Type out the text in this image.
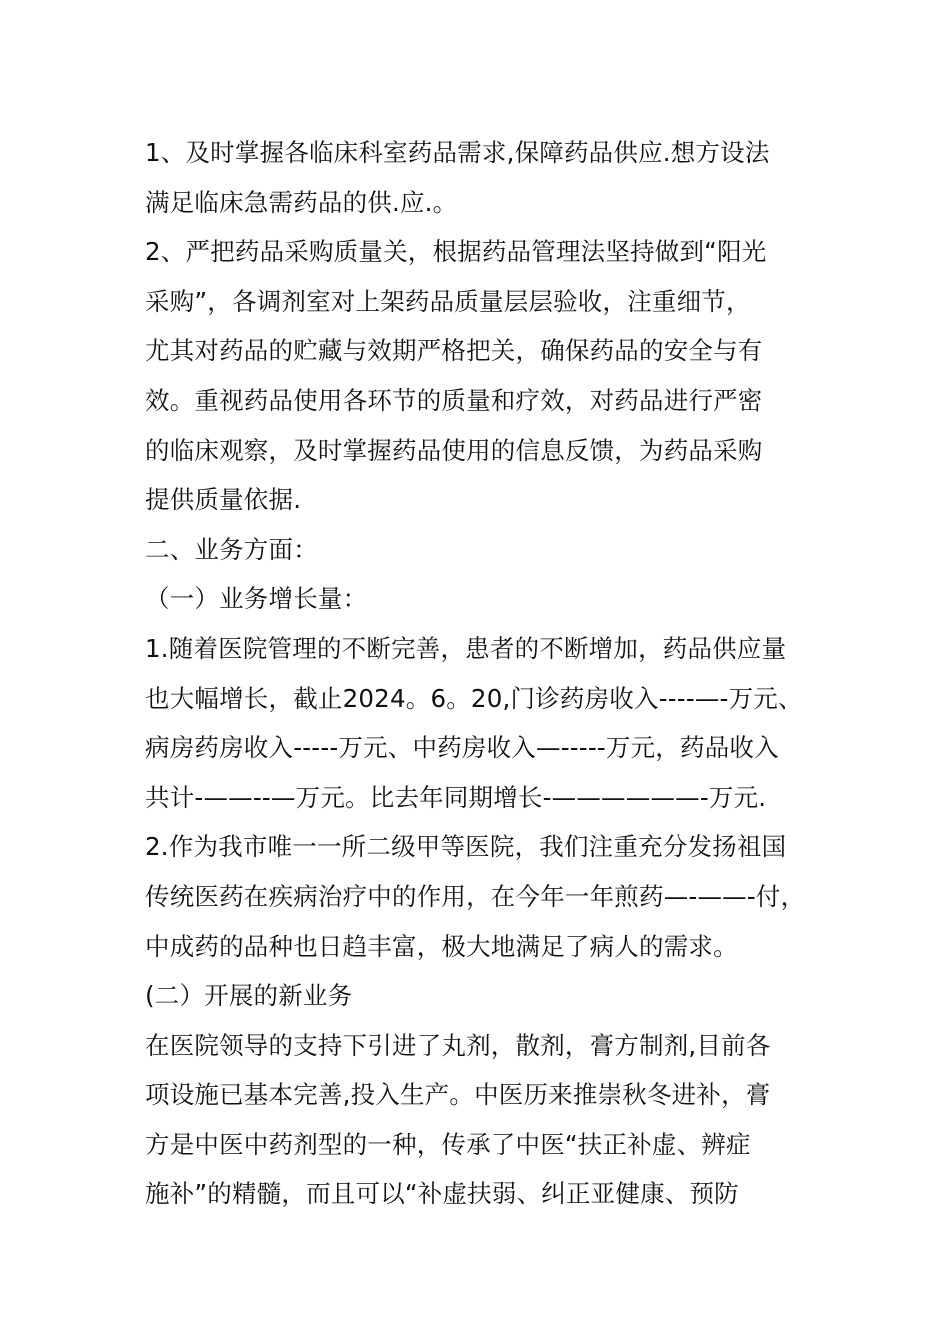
1、及时掌握各临床科室药品需求,保障药品供应.想方设法
满足临床急需药品的供.应.。
2、严把药品采购质量关，根据药品管理法坚持做到“阳光
采购”，各调剂室对上架药品质量层层验收，注重细节，
尤其对药品的贮藏与效期严格把关，确保药品的安全与有
效。重视药品使用各环节的质量和疗效，对药品进行严密
的临床观察，及时掌握药品使用的信息反馈，为药品采购
提供质量依据.
二、业务方面：
（一）业务增长量：
1.随着医院管理的不断完善，患者的不断增加，药品供应量
也大幅增长，截止2024。6。20,门诊药房收入----—-万元、
病房药房收入-----万元、中药房收入—-----万元，药品收入
共计-——--—万元。比去年同期增长-——————-万元.
2.作为我市唯一一所二级甲等医院，我们注重充分发扬祖国
传统医药在疾病治疗中的作用，在今年一年煎药—-——-付，
中成药的品种也日趋丰富，极大地满足了病人的需求。
(二）开展的新业务
在医院领导的支持下引进了丸剂，散剂，膏方制剂,目前各
项设施已基本完善,投入生产。中医历来推崇秋冬进补，膏
方是中医中药剂型的一种，传承了中医“扶正补虚、辨症
施补”的精髓，而且可以“补虚扶弱、纠正亚健康、预防
